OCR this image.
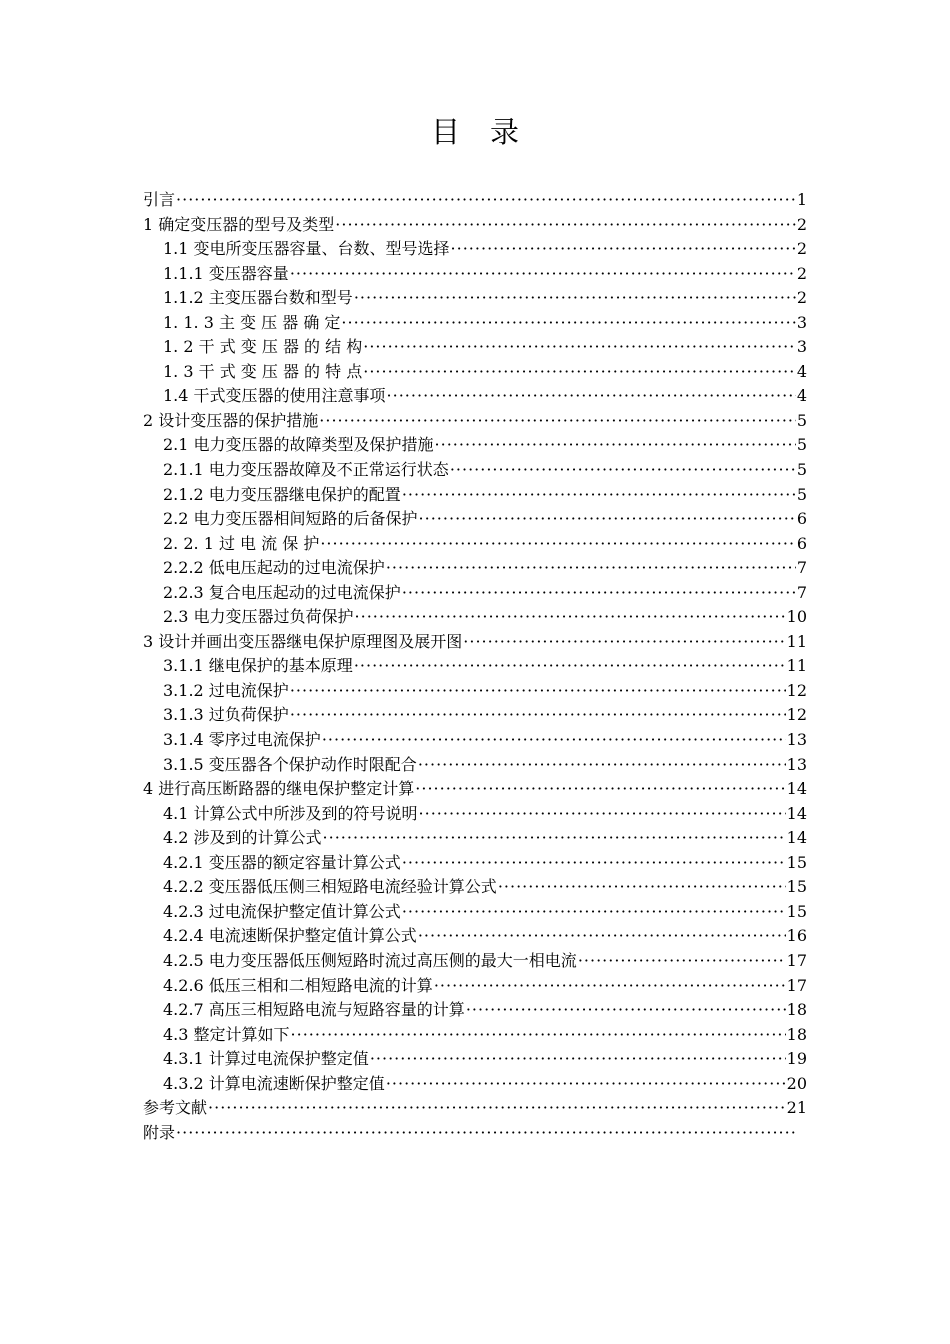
目 录
引言 ·····	1
1 确定变压器的型号及类型 ·····	2
1.1 变电所变压器容量、台数、型号选择 ·····	2
1.1.1 变压器容量 ·····	2
1.1.2 主变压器台数和型号 ·····	2
1. 1. 3 主 变 压 器 确 定 ·····	3
1. 2 干 式 变 压 器 的 结 构 ·····	3
1. 3 干 式 变 压 器 的 特 点 ·····	4
1.4 干式变压器的使用注意事项 ·····	4
2 设计变压器的保护措施 ·····	5
2.1 电力变压器的故障类型及保护措施 ·····	5
2.1.1 电力变压器故障及不正常运行状态 ·····	5
2.1.2 电力变压器继电保护的配置 ·····	5
2.2 电力变压器相间短路的后备保护 ·····	6
2. 2. 1 过 电 流 保 护 ·····	6
2.2.2 低电压起动的过电流保护 ·····	7
2.2.3 复合电压起动的过电流保护 ·····	7
2.3 电力变压器过负荷保护 ·····	10
3 设计并画出变压器继电保护原理图及展开图 ·····	11
3.1.1 继电保护的基本原理 ·····	11
3.1.2 过电流保护 ·····	12
3.1.3 过负荷保护 ·····	12
3.1.4 零序过电流保护 ·····	13
3.1.5 变压器各个保护动作时限配合 ·····	13
4 进行高压断路器的继电保护整定计算 ·····	14
4.1 计算公式中所涉及到的符号说明 ·····	14
4.2 涉及到的计算公式 ·····	14
4.2.1 变压器的额定容量计算公式 ·····	15
4.2.2 变压器低压侧三相短路电流经验计算公式 ·····	15
4.2.3 过电流保护整定值计算公式 ·····	15
4.2.4 电流速断保护整定值计算公式 ·····	16
4.2.5 电力变压器低压侧短路时流过高压侧的最大一相电流 ·····	17
4.2.6 低压三相和二相短路电流的计算 ·····	17
4.2.7 高压三相短路电流与短路容量的计算 ·····	18
4.3 整定计算如下 ·····	18
4.3.1 计算过电流保护整定值 ·····	19
4.3.2 计算电流速断保护整定值 ·····	20
参考文献 ·····	21
附录
·····
